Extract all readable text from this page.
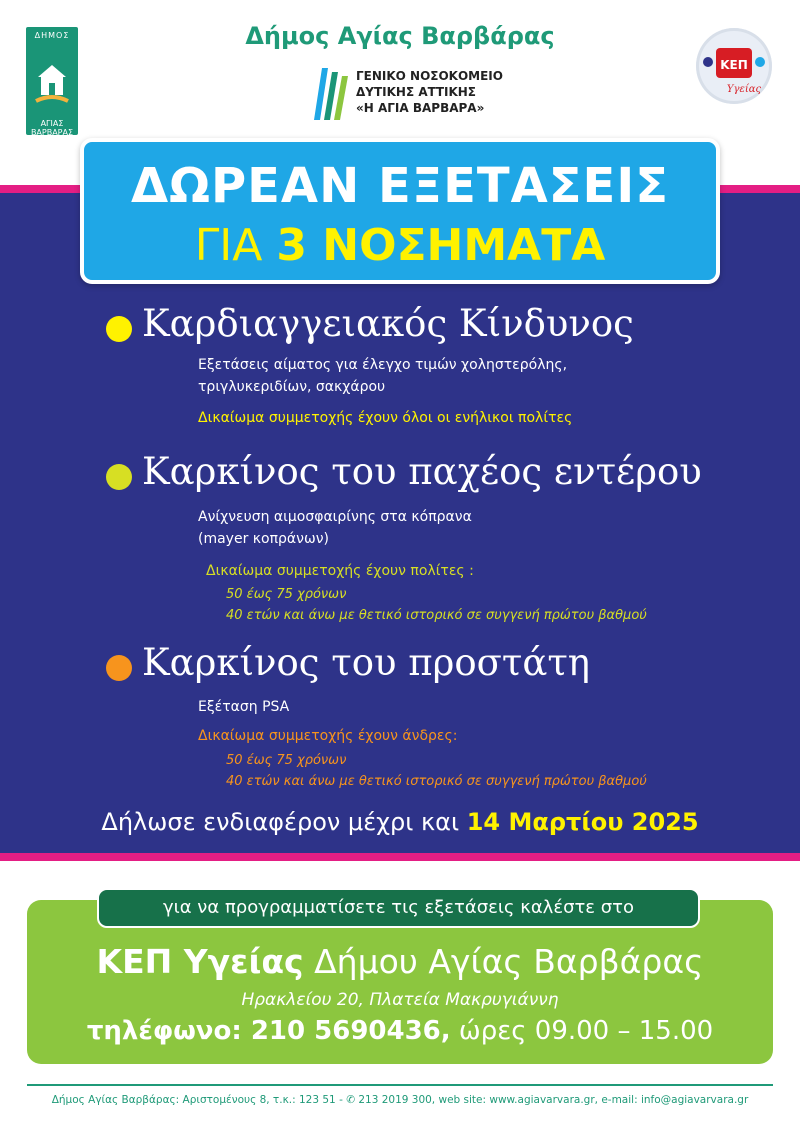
Δήμος Αγίας Βαρβάρας
ΔΗΜΟΣ
ΑΓΙΑΣ
ΒΑΡΒΑΡΑΣ
ΓΕΝΙΚΟ ΝΟΣΟΚΟΜΕΙΟ
ΔΥΤΙΚΗΣ ΑΤΤΙΚΗΣ
«Η ΑΓΙΑ ΒΑΡΒΑΡΑ»
ΚΕΠ
Υγείας
ΔΩΡΕΑΝ ΕΞΕΤΑΣΕΙΣ
ΓΙΑ 3 ΝΟΣΗΜΑΤΑ
Καρδιαγγειακός Κίνδυνος
Εξετάσεις αίματος για έλεγχο τιμών χοληστερόλης,
τριγλυκεριδίων, σακχάρου
Δικαίωμα συμμετοχής έχουν όλοι οι ενήλικοι πολίτες
Καρκίνος του παχέος εντέρου
Ανίχνευση αιμοσφαιρίνης στα κόπρανα
(mayer κοπράνων)
Δικαίωμα συμμετοχής έχουν πολίτες :
50 έως 75 χρόνων
40 ετών και άνω με θετικό ιστορικό σε συγγενή πρώτου βαθμού
Καρκίνος του προστάτη
Εξέταση PSA
Δικαίωμα συμμετοχής έχουν άνδρες:
50 έως 75 χρόνων
40 ετών και άνω με θετικό ιστορικό σε συγγενή πρώτου βαθμού
Δήλωσε ενδιαφέρον μέχρι και 14 Μαρτίου 2025
για να προγραμματίσετε τις εξετάσεις καλέστε στο
ΚΕΠ Υγείας Δήμου Αγίας Βαρβάρας
Ηρακλείου 20, Πλατεία Μακρυγιάννη
τηλέφωνο: 210 5690436, ώρες 09.00 – 15.00
Δήμος Αγίας Βαρβάρας: Αριστομένους 8, τ.κ.: 123 51 - ✆ 213 2019 300, web site: www.agiavarvara.gr, e-mail: info@agiavarvara.gr
